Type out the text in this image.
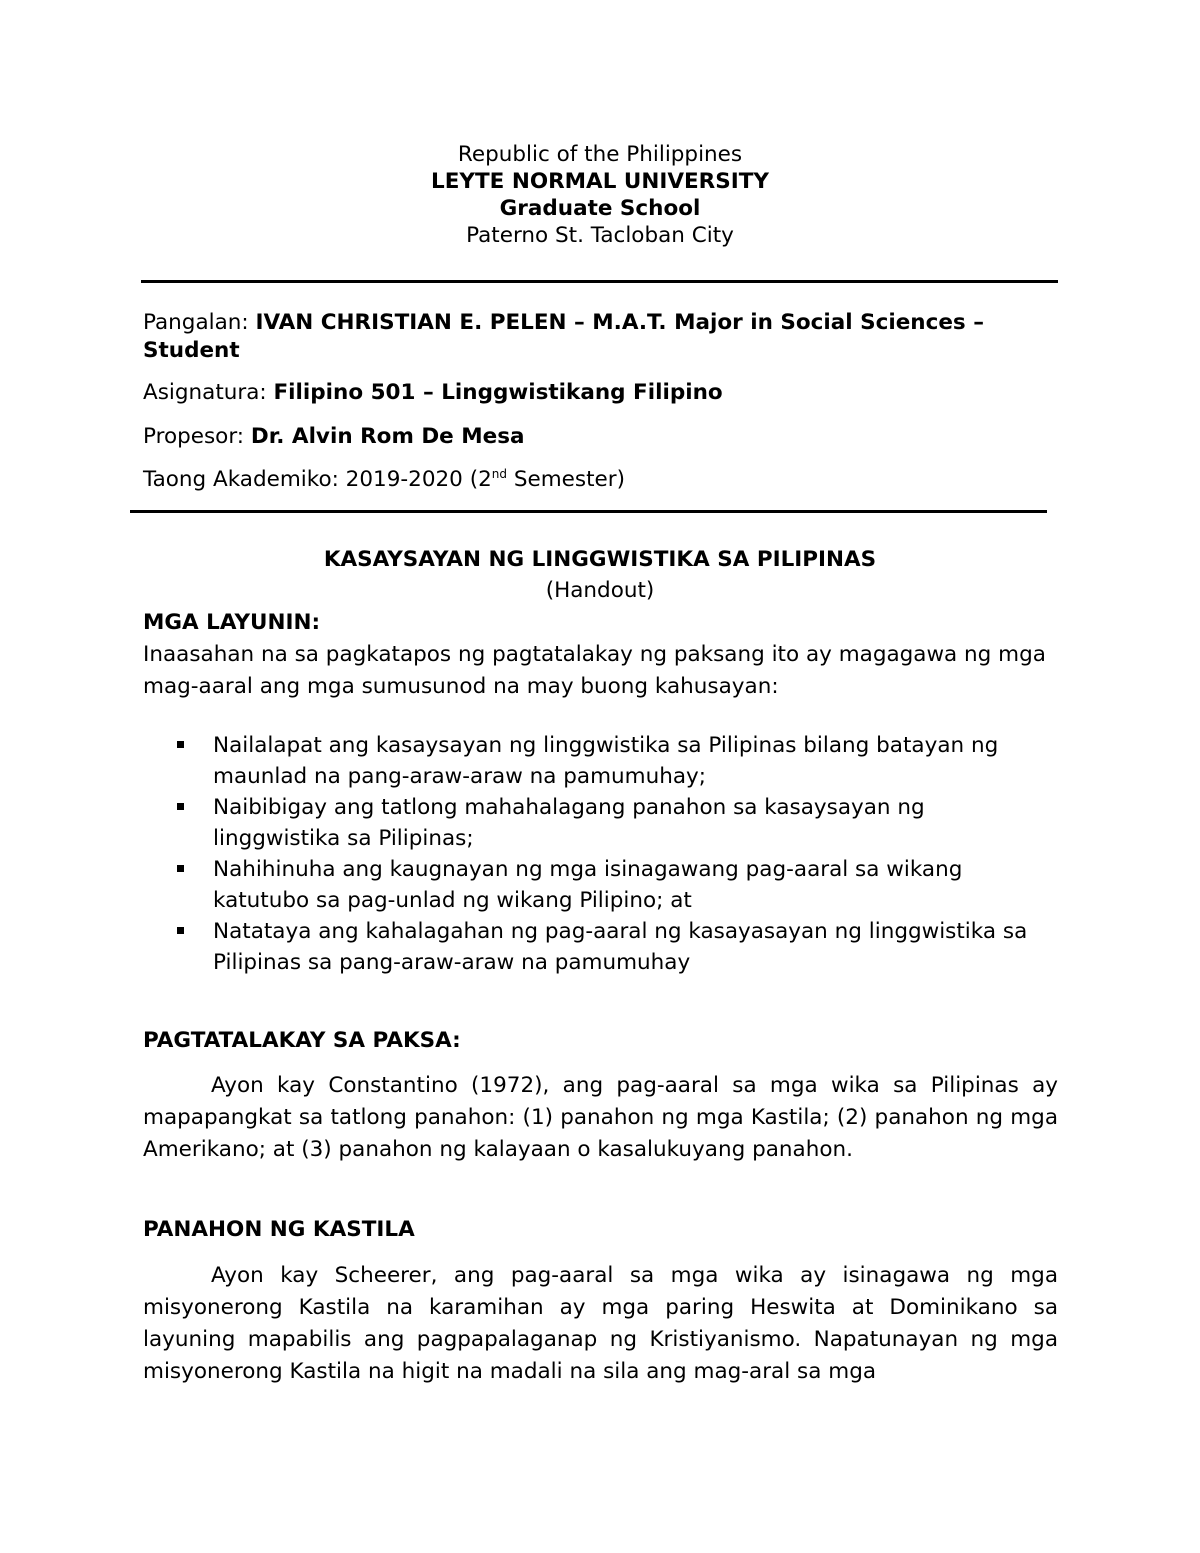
Republic of the Philippines
LEYTE NORMAL UNIVERSITY
Graduate School
Paterno St. Tacloban City
Pangalan: IVAN CHRISTIAN E. PELEN – M.A.T. Major in Social Sciences – Student
Asignatura: Filipino 501 – Linggwistikang Filipino
Propesor: Dr. Alvin Rom De Mesa
Taong Akademiko: 2019-2020 (2nd Semester)
KASAYSAYAN NG LINGGWISTIKA SA PILIPINAS
(Handout)
MGA LAYUNIN:
Inaasahan na sa pagkatapos ng pagtatalakay ng paksang ito ay magagawa ng mga mag-aaral ang mga sumusunod na may buong kahusayan:
Nailalapat ang kasaysayan ng linggwistika sa Pilipinas bilang batayan ng maunlad na pang-araw-araw na pamumuhay;
Naibibigay ang tatlong mahahalagang panahon sa kasaysayan ng linggwistika sa Pilipinas;
Nahihinuha ang kaugnayan ng mga isinagawang pag-aaral sa wikang katutubo sa pag-unlad ng wikang Pilipino; at
Natataya ang kahalagahan ng pag-aaral ng kasayasayan ng linggwistika sa Pilipinas sa pang-araw-araw na pamumuhay
PAGTATALAKAY SA PAKSA:
Ayon kay Constantino (1972), ang pag-aaral sa mga wika sa Pilipinas ay mapapangkat sa tatlong panahon: (1) panahon ng mga Kastila; (2) panahon ng mga Amerikano; at (3) panahon ng kalayaan o kasalukuyang panahon.
PANAHON NG KASTILA
Ayon kay Scheerer, ang pag-aaral sa mga wika ay isinagawa ng mga misyonerong Kastila na karamihan ay mga paring Heswita at Dominikano sa layuning mapabilis ang pagpapalaganap ng Kristiyanismo. Napatunayan ng mga misyonerong Kastila na higit na madali na sila ang mag-aral sa mga
